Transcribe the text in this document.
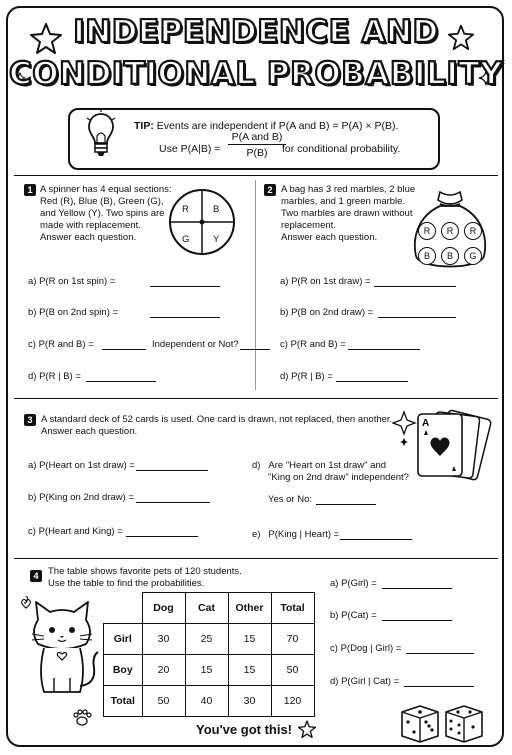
INDEPENDENCE AND
CONDITIONAL PROBABILITY
TIP: Events are independent if P(A and B) = P(A) × P(B).
Use P(A|B) =
P(A and B)
P(B)	for conditional probability.
1 A spinner has 4 equal sections:
Red (R), Blue (B), Green (G),
and Yellow (Y). Two spins are
made with replacement.
Answer each question.
R	B
G Y
a) P(R on 1st spin) =
b) P(B on 2nd spin) =
c) P(R and B) =	Independent or Not?
d) P(R | B) =
2 A bag has 3 red marbles, 2 blue
marbles, and 1 green marble.
Two marbles are drawn without
replacement.
Answer each question.
R	R	R
B	B	G
a) P(R on 1st draw) =
b) P(B on 2nd draw) =
c) P(R and B) =
d) P(R | B) =
3 A standard deck of 52 cards is used. One card is drawn, not replaced, then another.
Answer each question.
A
a) P(Heart on 1st draw) =
b) P(King on 2nd draw) =
c) P(Heart and King) =
d) Are "Heart on 1st draw" and
"King on 2nd draw" independent?
Yes or No:
e) P(King | Heart) =
4	The table shows favorite pets of 120 students.
Use the table to find the probabilities.
	Dog	Cat	Other	Total
Girl	30	25	15	70
Boy	20	15	15	50
Total	50	40	30	120
a) P(Girl) =
b) P(Cat) =
c) P(Dog | Girl) =
d) P(Girl | Cat) =
You've got this!
